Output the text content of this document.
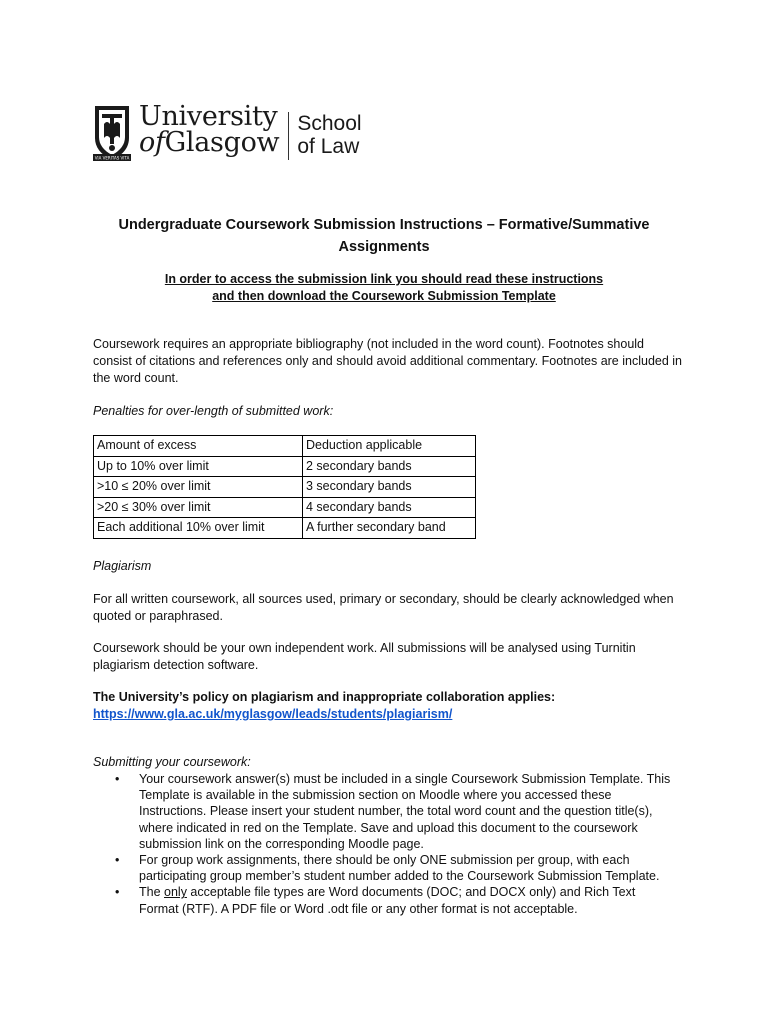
VIA VERITAS VITA
University
ofGlasgow
School
of Law
Undergraduate Coursework Submission Instructions – Formative/Summative Assignments
In order to access the submission link you should read these instructions
and then download the Coursework Submission Template
Coursework requires an appropriate bibliography (not included in the word count). Footnotes should consist of citations and references only and should avoid additional commentary. Footnotes are included in the word count.
Penalties for over-length of submitted work:
Amount of excess	Deduction applicable
Up to 10% over limit	2 secondary bands
>10 ≤ 20% over limit	3 secondary bands
>20 ≤ 30% over limit	4 secondary bands
Each additional 10% over limit	A further secondary band
Plagiarism
For all written coursework, all sources used, primary or secondary, should be clearly acknowledged when quoted or paraphrased.
Coursework should be your own independent work. All submissions will be analysed using Turnitin plagiarism detection software.
The University’s policy on plagiarism and inappropriate collaboration applies:
https://www.gla.ac.uk/myglasgow/leads/students/plagiarism/
Submitting your coursework:
• Your coursework answer(s) must be included in a single Coursework Submission Template. This Template is available in the submission section on Moodle where you accessed these Instructions. Please insert your student number, the total word count and the question title(s), where indicated in red on the Template. Save and upload this document to the coursework submission link on the corresponding Moodle page.
• For group work assignments, there should be only ONE submission per group, with each participating group member’s student number added to the Coursework Submission Template.
• The only acceptable file types are Word documents (DOC; and DOCX only) and Rich Text Format (RTF). A PDF file or Word .odt file or any other format is not acceptable.
